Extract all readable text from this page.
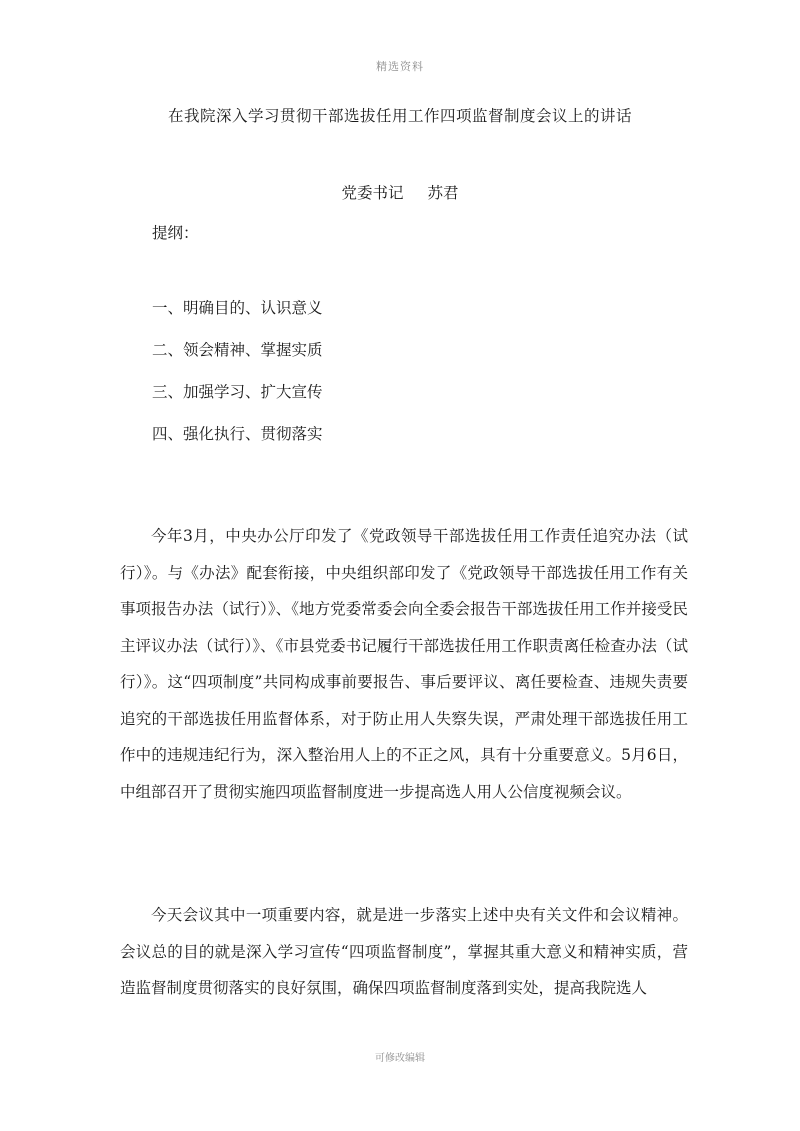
精选资料
在我院深入学习贯彻干部选拔任用工作四项监督制度会议上的讲话
党委书记 苏君
提纲：
一、明确目的、认识意义
二、领会精神、掌握实质
三、加强学习、扩大宣传
四、强化执行、贯彻落实
今年3月，中央办公厅印发了《党政领导干部选拔任用工作责任追究办法（试行）》。与《办法》配套衔接，中央组织部印发了《党政领导干部选拔任用工作有关事项报告办法（试行）》、《地方党委常委会向全委会报告干部选拔任用工作并接受民主评议办法（试行）》、《市县党委书记履行干部选拔任用工作职责离任检查办法（试行）》。这“四项制度”共同构成事前要报告、事后要评议、离任要检查、违规失责要追究的干部选拔任用监督体系，对于防止用人失察失误，严肃处理干部选拔任用工作中的违规违纪行为，深入整治用人上的不正之风，具有十分重要意义。5月6日，中组部召开了贯彻实施四项监督制度进一步提高选人用人公信度视频会议。
今天会议其中一项重要内容，就是进一步落实上述中央有关文件和会议精神。会议总的目的就是深入学习宣传“四项监督制度”，掌握其重大意义和精神实质，营造监督制度贯彻落实的良好氛围，确保四项监督制度落到实处，提高我院选人
可修改编辑
